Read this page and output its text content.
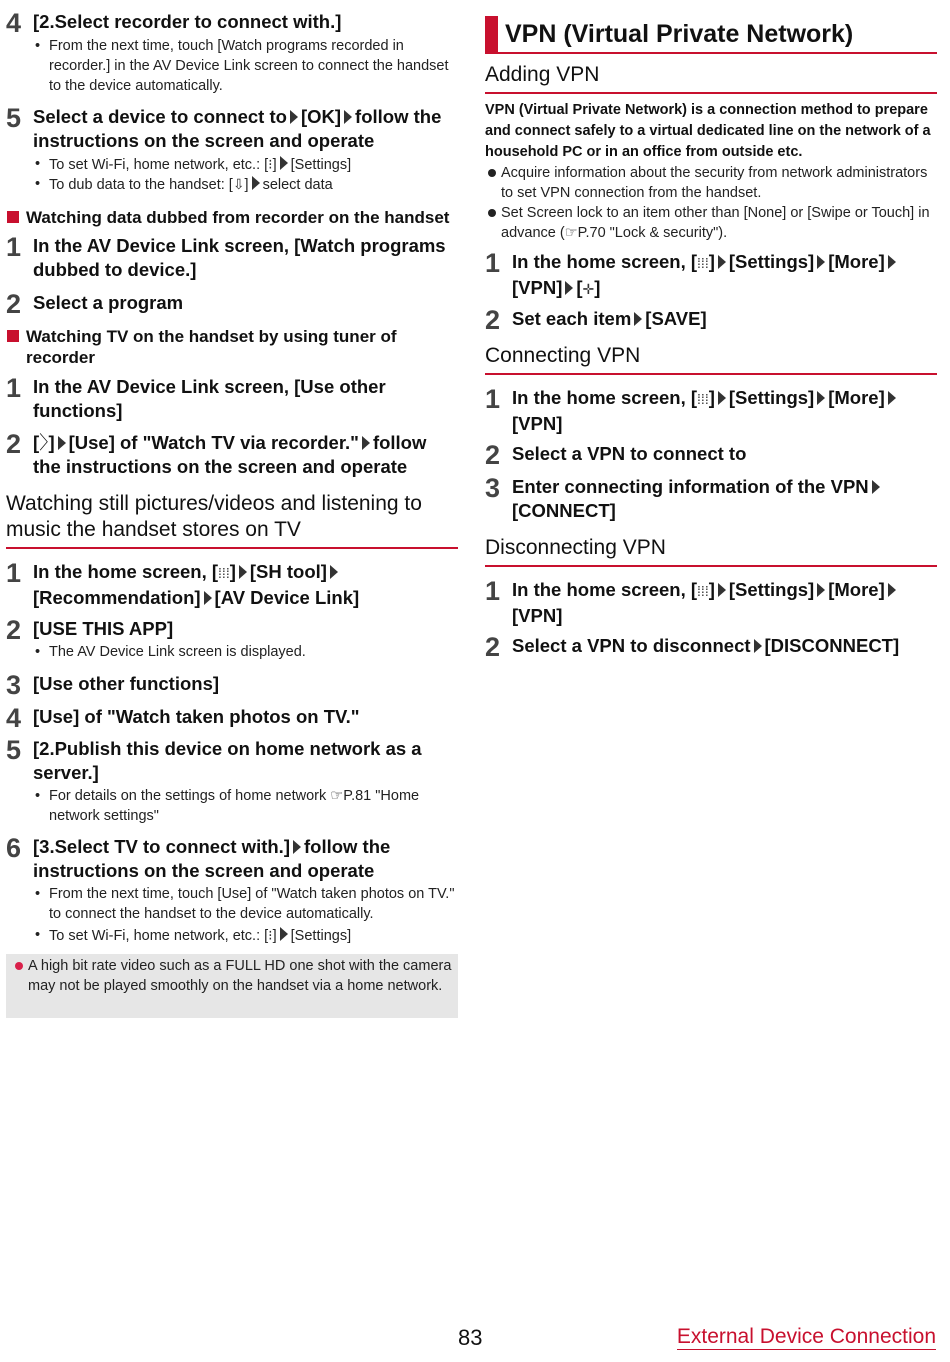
4 [2.Select recorder to connect with.]
• From the next time, touch [Watch programs recorded in recorder.] in the AV Device Link screen to connect the handset to the device automatically.
5 Select a device to connect to [OK] follow the instructions on the screen and operate
• To set Wi-Fi, home network, etc.: [⁝] [Settings]
• To dub data to the handset: [⇩] select data
Watching data dubbed from recorder on the handset
1 In the AV Device Link screen, [Watch programs dubbed to device.]
2 Select a program
Watching TV on the handset by using tuner of recorder
1 In the AV Device Link screen, [Use other functions]
2 [〉] [Use] of "Watch TV via recorder." follow the instructions on the screen and operate
Watching still pictures/videos and listening to music the handset stores on TV
1 In the home screen, [⁞⁞⁞] [SH tool][Recommendation] [AV Device Link]
2 [USE THIS APP]
• The AV Device Link screen is displayed.
3 [Use other functions]
4 [Use] of "Watch taken photos on TV."
5 [2.Publish this device on home network as a server.]
• For details on the settings of home network ☞P.81 "Home network settings"
6 [3.Select TV to connect with.] follow the instructions on the screen and operate
• From the next time, touch [Use] of "Watch taken photos on TV." to connect the handset to the device automatically.
• To set Wi-Fi, home network, etc.: [⁝] [Settings]
A high bit rate video such as a FULL HD one shot with the camera may not be played smoothly on the handset via a home network.
VPN (Virtual Private Network)
Adding VPN
VPN (Virtual Private Network) is a connection method to prepare and connect safely to a virtual dedicated line on the network of a household PC or in an office from outside etc.
Acquire information about the security from network administrators to set VPN connection from the handset.
Set Screen lock to an item other than [None] or [Swipe or Touch] in advance (☞P.70 "Lock & security").
1 In the home screen, [⁞⁞⁞] [Settings] [More][VPN] [✛]
2 Set each item [SAVE]
Connecting VPN
1 In the home screen, [⁞⁞⁞] [Settings] [More][VPN]
2 Select a VPN to connect to
3 Enter connecting information of the VPN[CONNECT]
Disconnecting VPN
1 In the home screen, [⁞⁞⁞] [Settings] [More][VPN]
2 Select a VPN to disconnect [DISCONNECT]
83	External Device Connection
